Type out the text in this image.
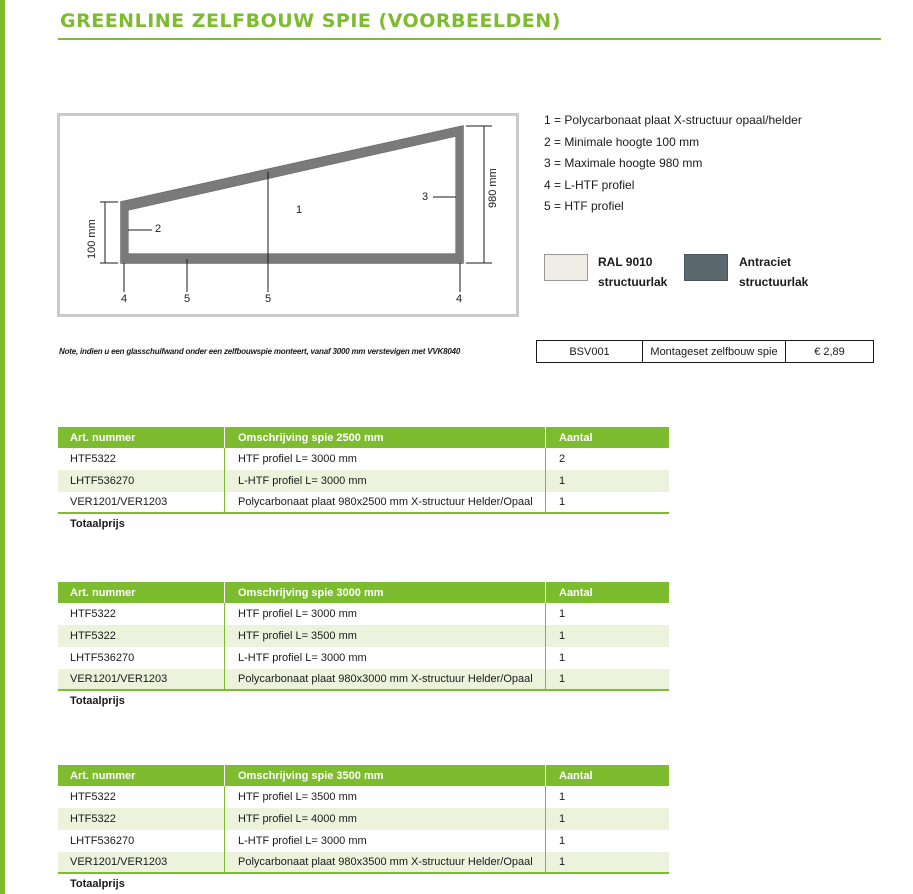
GREENLINE ZELFBOUW SPIE (VOORBEELDEN)
2
1
3
4	5	5	4
100 mm
980 mm
1 = Polycarbonaat plaat X-structuur opaal/helder
2 = Minimale hoogte 100 mm
3 = Maximale hoogte 980 mm
4 = L-HTF profiel
5 = HTF profiel
RAL 9010
structuurlak
Antraciet
structuurlak
Note, indien u een glasschuifwand onder een zelfbouwspie monteert, vanaf 3000 mm verstevigen met VVK8040	BSV001	Montageset zelfbouw spie	€ 2,89
Art. nummer	Omschrijving spie 2500 mm	Aantal
HTF5322	HTF profiel L= 3000 mm	2
LHTF536270	L-HTF profiel L= 3000 mm	1
VER1201/VER1203	Polycarbonaat plaat 980x2500 mm X-structuur Helder/Opaal	1
Totaalprijs
Art. nummer	Omschrijving spie 3000 mm	Aantal
HTF5322	HTF profiel L= 3000 mm	1
HTF5322	HTF profiel L= 3500 mm	1
LHTF536270	L-HTF profiel L= 3000 mm	1
VER1201/VER1203	Polycarbonaat plaat 980x3000 mm X-structuur Helder/Opaal	1
Totaalprijs
Art. nummer	Omschrijving spie 3500 mm	Aantal
HTF5322	HTF profiel L= 3500 mm	1
HTF5322	HTF profiel L= 4000 mm	1
LHTF536270	L-HTF profiel L= 3000 mm	1
VER1201/VER1203	Polycarbonaat plaat 980x3500 mm X-structuur Helder/Opaal	1
Totaalprijs
